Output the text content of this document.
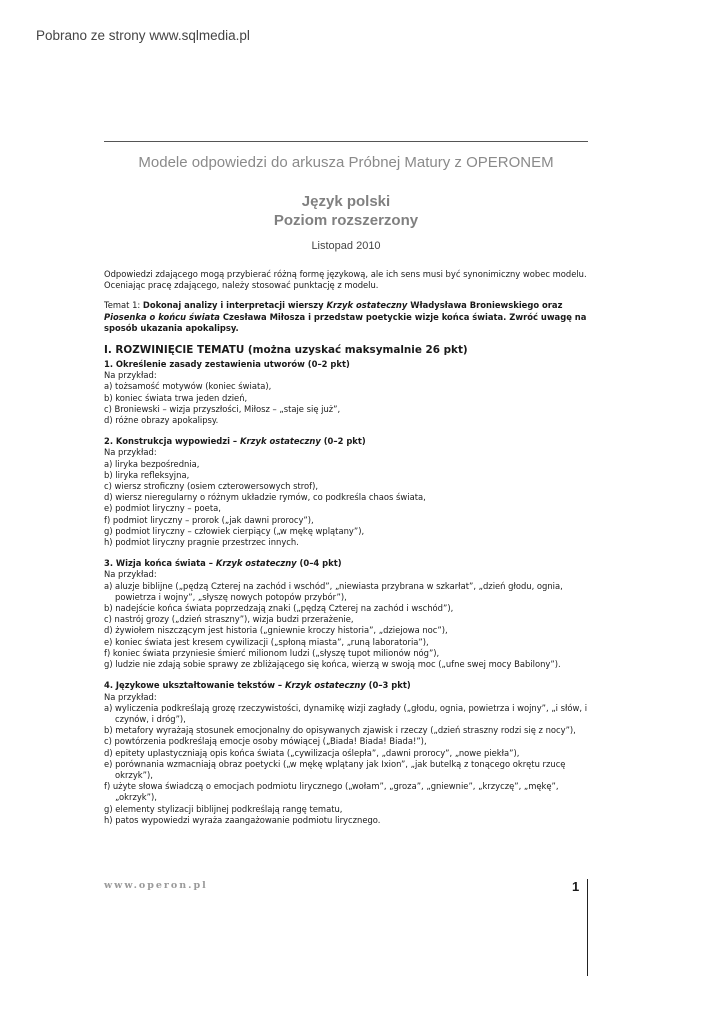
Pobrano ze strony www.sqlmedia.pl
Modele odpowiedzi do arkusza Próbnej Matury z OPERONEM
Język polski
Poziom rozszerzony
Listopad 2010

Odpowiedzi zdającego mogą przybierać różną formę językową, ale ich sens musi być synonimiczny wobec modelu. Oceniając pracę zdającego, należy stosować punktację z modelu.

Temat 1: Dokonaj analizy i interpretacji wierszy Krzyk ostateczny Władysława Broniewskiego oraz Piosenka o końcu świata Czesława Miłosza i przedstaw poetyckie wizje końca świata. Zwróć uwagę na sposób ukazania apokalipsy.

I. ROZWINIĘCIE TEMATU (można uzyskać maksymalnie 26 pkt)

1. Określenie zasady zestawienia utworów (0–2 pkt)

Na przykład:

a) tożsamość motywów (koniec świata),

b) koniec świata trwa jeden dzień,

c) Broniewski – wizja przyszłości, Miłosz – „staje się już”,

d) różne obrazy apokalipsy.

2. Konstrukcja wypowiedzi – Krzyk ostateczny (0–2 pkt)

Na przykład:

a) liryka bezpośrednia,

b) liryka refleksyjna,

c) wiersz stroficzny (osiem czterowersowych strof),

d) wiersz nieregularny o różnym układzie rymów, co podkreśla chaos świata,

e) podmiot liryczny – poeta,

f) podmiot liryczny – prorok („jak dawni prorocy”),

g) podmiot liryczny – człowiek cierpiący („w mękę wplątany”),

h) podmiot liryczny pragnie przestrzec innych.

3. Wizja końca świata – Krzyk ostateczny (0–4 pkt)

Na przykład:

a) aluzje biblijne („pędzą Czterej na zachód i wschód”, „niewiasta przybrana w szkarłat”, „dzień głodu, ognia, powietrza i wojny”, „słyszę nowych potopów przybór”),

b) nadejście końca świata poprzedzają znaki („pędzą Czterej na zachód i wschód”),

c) nastrój grozy („dzień straszny”), wizja budzi przerażenie,

d) żywiołem niszczącym jest historia („gniewnie kroczy historia”, „dziejowa noc”),

e) koniec świata jest kresem cywilizacji („spłoną miasta”, „runą laboratoria”),

f) koniec świata przyniesie śmierć milionom ludzi („słyszę tupot milionów nóg”),

g) ludzie nie zdają sobie sprawy ze zbliżającego się końca, wierzą w swoją moc („ufne swej mocy Babilony”).

4. Językowe ukształtowanie tekstów – Krzyk ostateczny (0–3 pkt)

Na przykład:

a) wyliczenia podkreślają grozę rzeczywistości, dynamikę wizji zagłady („głodu, ognia, powietrza i wojny”, „i słów, i czynów, i dróg”),

b) metafory wyrażają stosunek emocjonalny do opisywanych zjawisk i rzeczy („dzień straszny rodzi się z nocy”),

c) powtórzenia podkreślają emocje osoby mówiącej („Biada! Biada! Biada!”),

d) epitety uplastyczniają opis końca świata („cywilizacja oślepła”, „dawni prorocy”, „nowe piekła”),

e) porównania wzmacniają obraz poetycki („w mękę wplątany jak Ixion”, „jak butelką z tonącego okrętu rzucę okrzyk”),

f) użyte słowa świadczą o emocjach podmiotu lirycznego („wołam”, „groza”, „gniewnie”, „krzyczę”, „mękę”, „okrzyk”),

g) elementy stylizacji biblijnej podkreślają rangę tematu,

h) patos wypowiedzi wyraża zaangażowanie podmiotu lirycznego.

www.operon.pl	1
